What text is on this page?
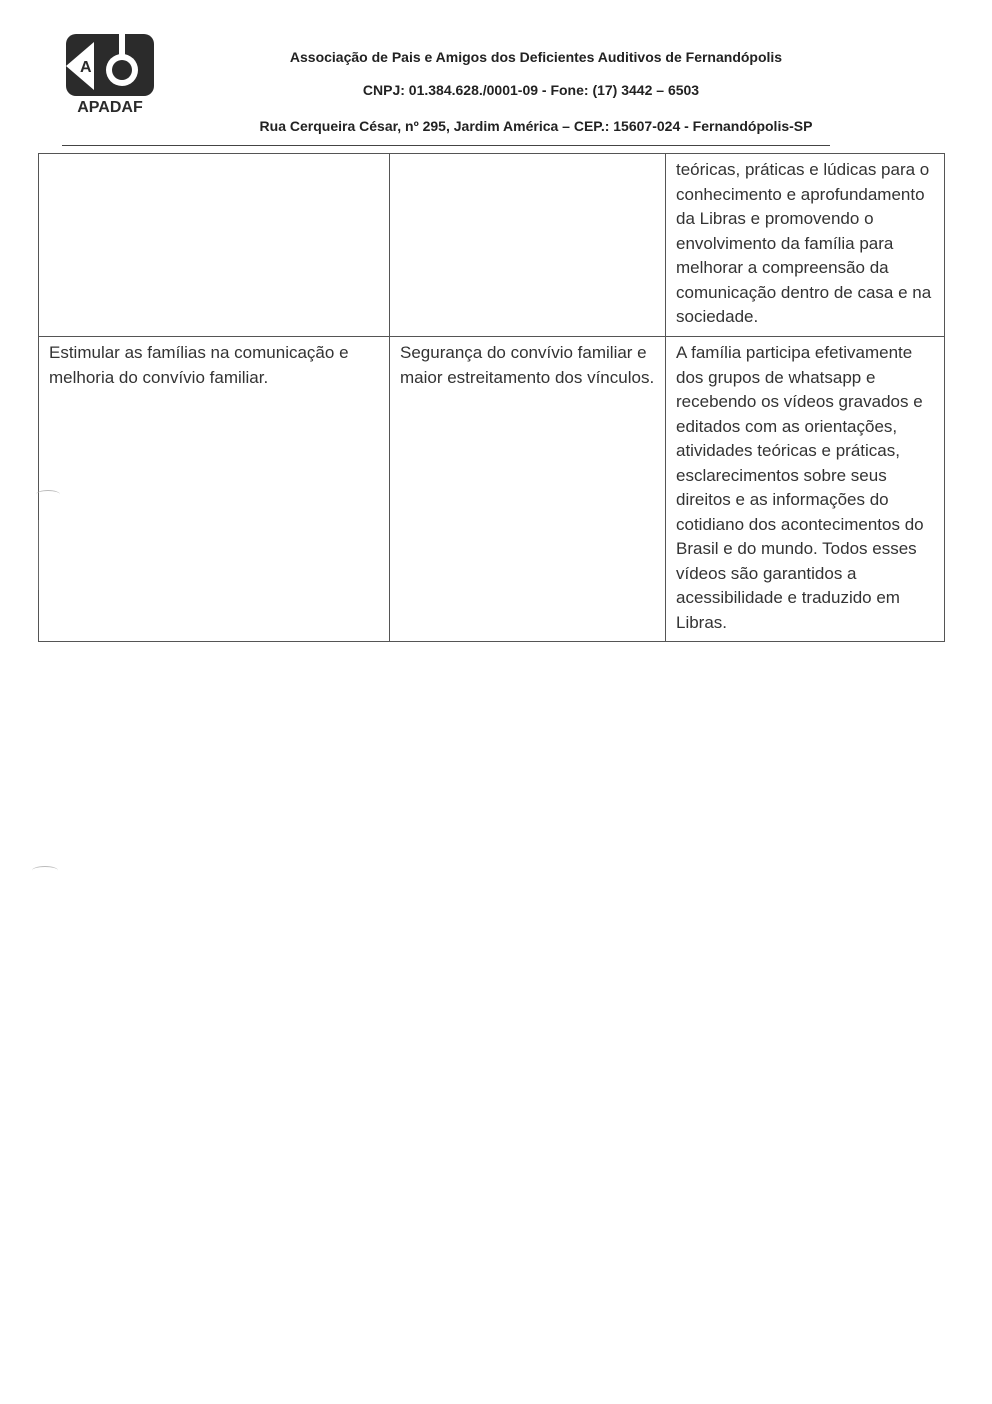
A
APADAF
Associação de Pais e Amigos dos Deficientes Auditivos de Fernandópolis
CNPJ: 01.384.628./0001-09 - Fone: (17) 3442 – 6503
Rua Cerqueira César, nº 295, Jardim América – CEP.: 15607-024 - Fernandópolis-SP
		teóricas, práticas e lúdicas para o conhecimento e aprofundamento da Libras e promovendo o envolvimento da família para melhorar a compreensão da comunicação dentro de casa e na sociedade.
Estimular as famílias na comunicação e melhoria do convívio familiar.	Segurança do convívio familiar e maior estreitamento dos vínculos.	A família participa efetivamente dos grupos de whatsapp e recebendo os vídeos gravados e editados com as orientações, atividades teóricas e práticas, esclarecimentos sobre seus direitos e as informações do cotidiano dos acontecimentos do Brasil e do mundo. Todos esses vídeos são garantidos a acessibilidade e traduzido em Libras.
